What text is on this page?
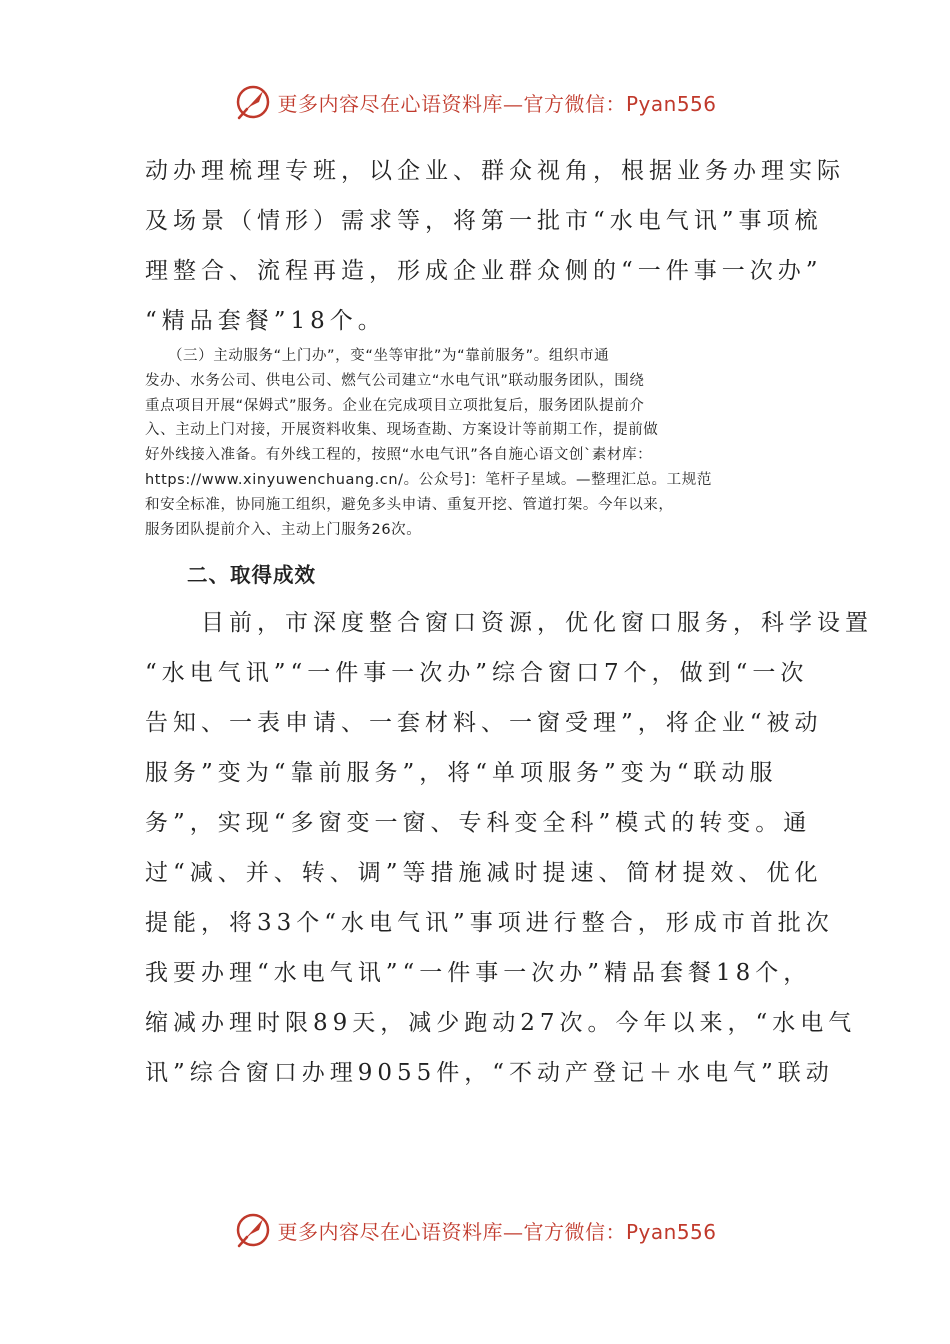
更多内容尽在心语资料库—官方微信：Pyan556

动办理梳理专班，以企业、群众视角，根据业务办理实际

及场景（情形）需求等，将第一批市“水电气讯”事项梳

理整合、流程再造，形成企业群众侧的“一件事一次办”

“精品套餐”18个。

　　（三）主动服务“上门办”，变“坐等审批”为“靠前服务”。组织市通

发办、水务公司、供电公司、燃气公司建立“水电气讯”联动服务团队，围绕

重点项目开展“保姆式”服务。企业在完成项目立项批复后，服务团队提前介

入、主动上门对接，开展资料收集、现场查勘、方案设计等前期工作，提前做

好外线接入准备。有外线工程的，按照“水电气讯”各自施心语文创`素材库：

https://www.xinyuwenchuang.cn/。公众号]：笔杆子星域。—整理汇总。工规范

和安全标准，协同施工组织，避免多头申请、重复开挖、管道打架。今年以来，

服务团队提前介入、主动上门服务26次。

二、取得成效

　　目前，市深度整合窗口资源，优化窗口服务，科学设置

“水电气讯”“一件事一次办”综合窗口7个，做到“一次

告知、一表申请、一套材料、一窗受理”，将企业“被动

服务”变为“靠前服务”，将“单项服务”变为“联动服

务”，实现“多窗变一窗、专科变全科”模式的转变。通

过“减、并、转、调”等措施减时提速、简材提效、优化

提能，将33个“水电气讯”事项进行整合，形成市首批次

我要办理“水电气讯”“一件事一次办”精品套餐18个，

缩减办理时限89天，减少跑动27次。今年以来，“水电气

讯”综合窗口办理9055件，“不动产登记＋水电气”联动

更多内容尽在心语资料库—官方微信：Pyan556
